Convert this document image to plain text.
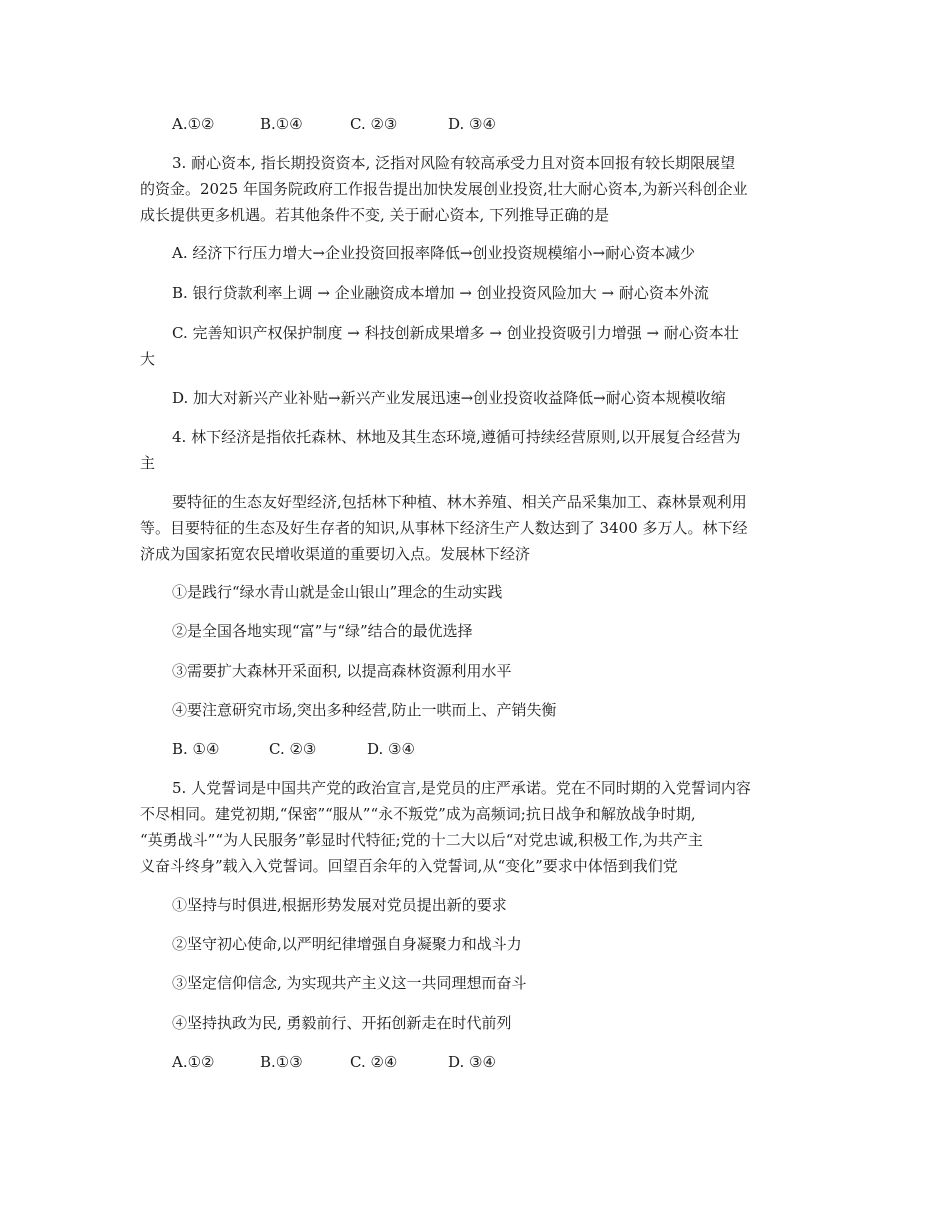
A.①②	B.①④	C. ②③	D. ③④
3. 耐心资本, 指长期投资资本, 泛指对风险有较高承受力且对资本回报有较长期限展望
的资金。2025 年国务院政府工作报告提出加快发展创业投资,壮大耐心资本,为新兴科创企业
成长提供更多机遇。若其他条件不变, 关于耐心资本, 下列推导正确的是
A. 经济下行压力增大→企业投资回报率降低→创业投资规模缩小→耐心资本减少
B. 银行贷款利率上调 → 企业融资成本增加 → 创业投资风险加大 → 耐心资本外流
C. 完善知识产权保护制度 → 科技创新成果增多 → 创业投资吸引力增强 → 耐心资本壮
大
D. 加大对新兴产业补贴→新兴产业发展迅速→创业投资收益降低→耐心资本规模收缩
4. 林下经济是指依托森林、林地及其生态环境,遵循可持续经营原则,以开展复合经营为
主
要特征的生态友好型经济,包括林下种植、林木养殖、相关产品采集加工、森林景观利用
等。目要特征的生态及好生存者的知识,从事林下经济生产人数达到了 3400 多万人。林下经
济成为国家拓宽农民增收渠道的重要切入点。发展林下经济
①是践行“绿水青山就是金山银山”理念的生动实践
②是全国各地实现“富”与“绿”结合的最优选择
③需要扩大森林开采面积, 以提高森林资源利用水平
④要注意研究市场,突出多种经营,防止一哄而上、产销失衡
B. ①④	C. ②③	D. ③④
5. 人党誓词是中国共产党的政治宣言,是党员的庄严承诺。党在不同时期的入党誓词内容
不尽相同。建党初期,“保密”“服从”“永不叛党”成为高频词;抗日战争和解放战争时期,
“英勇战斗”“为人民服务”彰显时代特征;党的十二大以后“对党忠诚,积极工作,为共产主
义奋斗终身”载入入党誓词。回望百余年的入党誓词,从“变化”要求中体悟到我们党
①坚持与时俱进,根据形势发展对党员提出新的要求
②坚守初心使命,以严明纪律增强自身凝聚力和战斗力
③坚定信仰信念, 为实现共产主义这一共同理想而奋斗
④坚持执政为民, 勇毅前行、开拓创新走在时代前列
A.①②	B.①③	C. ②④	D. ③④
